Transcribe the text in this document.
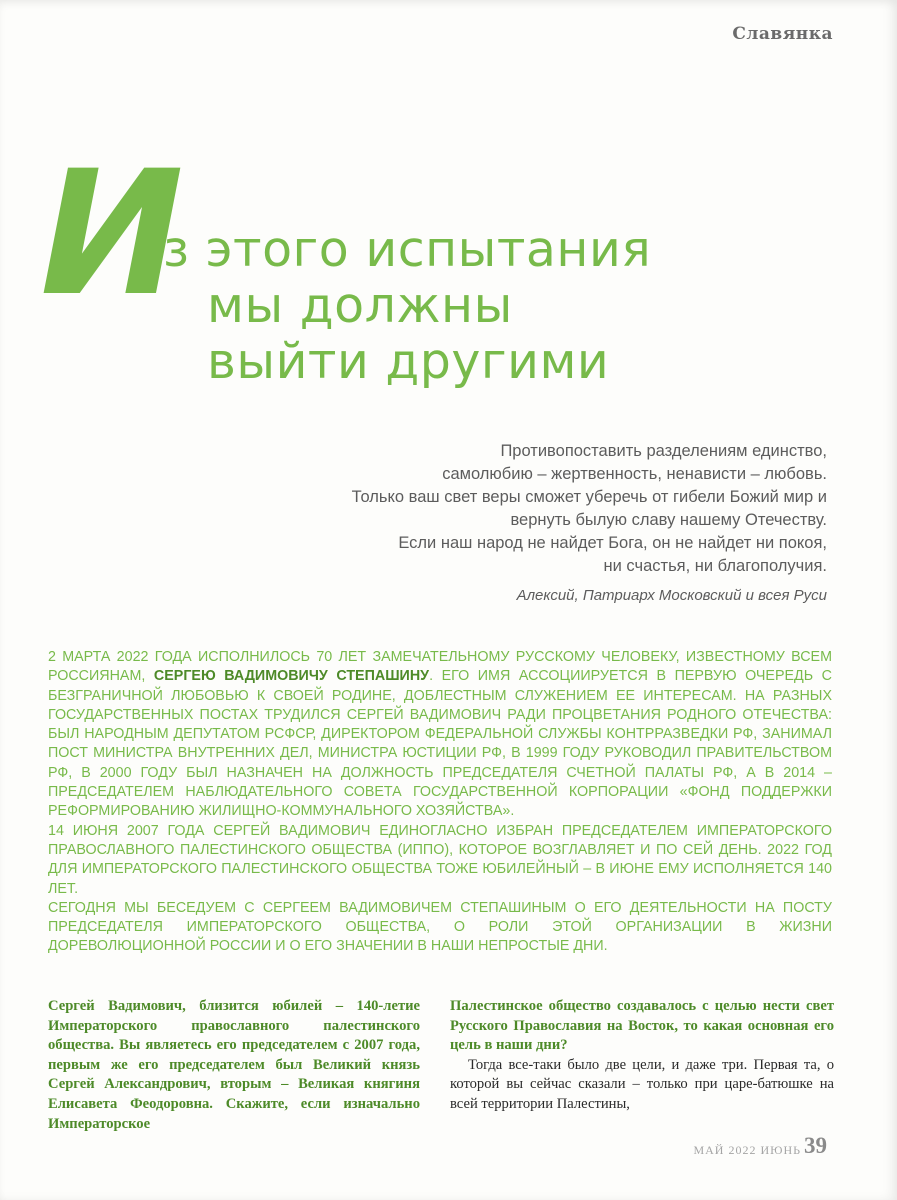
Славянка
И
з этого испытания
мы должны
выйти другими
Противопоставить разделениям единство,
самолюбию – жертвенность, ненависти – любовь.
Только ваш свет веры сможет уберечь от гибели Божий мир и
вернуть былую славу нашему Отечеству.
Если наш народ не найдет Бога, он не найдет ни покоя,
ни счастья, ни благополучия.
Алексий, Патриарх Московский и всея Руси

2 МАРТА 2022 ГОДА ИСПОЛНИЛОСЬ 70 ЛЕТ ЗАМЕЧАТЕЛЬНОМУ РУССКОМУ ЧЕЛОВЕКУ, ИЗВЕСТНОМУ ВСЕМ РОССИЯНАМ, СЕРГЕЮ ВАДИМОВИЧУ СТЕПАШИНУ. ЕГО ИМЯ АССОЦИИРУЕТСЯ В ПЕРВУЮ ОЧЕРЕДЬ С БЕЗГРАНИЧНОЙ ЛЮБОВЬЮ К СВОЕЙ РОДИНЕ, ДОБЛЕСТНЫМ СЛУЖЕНИЕМ ЕЕ ИНТЕРЕСАМ. НА РАЗНЫХ ГОСУДАРСТВЕННЫХ ПОСТАХ ТРУДИЛСЯ СЕРГЕЙ ВАДИМОВИЧ РАДИ ПРОЦВЕТАНИЯ РОДНОГО ОТЕЧЕСТВА: БЫЛ НАРОДНЫМ ДЕПУТАТОМ РСФСР, ДИРЕКТОРОМ ФЕДЕРАЛЬНОЙ СЛУЖБЫ КОНТРРАЗВЕДКИ РФ, ЗАНИМАЛ ПОСТ МИНИСТРА ВНУТРЕННИХ ДЕЛ, МИНИСТРА ЮСТИЦИИ РФ, В 1999 ГОДУ РУКОВОДИЛ ПРАВИТЕЛЬСТВОМ РФ, В 2000 ГОДУ БЫЛ НАЗНАЧЕН НА ДОЛЖНОСТЬ ПРЕДСЕДАТЕЛЯ СЧЕТНОЙ ПАЛАТЫ РФ, А В 2014 – ПРЕДСЕДАТЕЛЕМ НАБЛЮДАТЕЛЬНОГО СОВЕТА ГОСУДАРСТВЕННОЙ КОРПОРАЦИИ «ФОНД ПОДДЕРЖКИ РЕФОРМИРОВАНИЮ ЖИЛИЩНО-КОММУНАЛЬНОГО ХОЗЯЙСТВА».

14 ИЮНЯ 2007 ГОДА СЕРГЕЙ ВАДИМОВИЧ ЕДИНОГЛАСНО ИЗБРАН ПРЕДСЕДАТЕЛЕМ ИМПЕРАТОРСКОГО ПРАВОСЛАВНОГО ПАЛЕСТИНСКОГО ОБЩЕСТВА (ИППО), КОТОРОЕ ВОЗГЛАВЛЯЕТ И ПО СЕЙ ДЕНЬ. 2022 ГОД ДЛЯ ИМПЕРАТОРСКОГО ПАЛЕСТИНСКОГО ОБЩЕСТВА ТОЖЕ ЮБИЛЕЙНЫЙ – В ИЮНЕ ЕМУ ИСПОЛНЯЕТСЯ 140 ЛЕТ.

СЕГОДНЯ МЫ БЕСЕДУЕМ С СЕРГЕЕМ ВАДИМОВИЧЕМ СТЕПАШИНЫМ О ЕГО ДЕЯТЕЛЬНОСТИ НА ПОСТУ ПРЕДСЕДАТЕЛЯ ИМПЕРАТОРСКОГО ОБЩЕСТВА, О РОЛИ ЭТОЙ ОРГАНИЗАЦИИ В ЖИЗНИ ДОРЕВОЛЮЦИОННОЙ РОССИИ И О ЕГО ЗНАЧЕНИИ В НАШИ НЕПРОСТЫЕ ДНИ.

Сергей Вадимович, близится юбилей – 140-летие Императорского православного палестинского общества. Вы являетесь его председателем с 2007 года, первым же его председателем был Великий князь Сергей Александрович, вторым – Великая княгиня Елисавета Феодоровна. Скажите, если изначально Императорское

Палестинское общество создавалось с целью нести свет Русского Православия на Восток, то какая основная его цель в наши дни?

Тогда все-таки было две цели, и даже три. Первая та, о которой вы сейчас сказали – только при царе-батюшке на всей территории Палестины,

МАЙ 2022 ИЮНЬ 39
